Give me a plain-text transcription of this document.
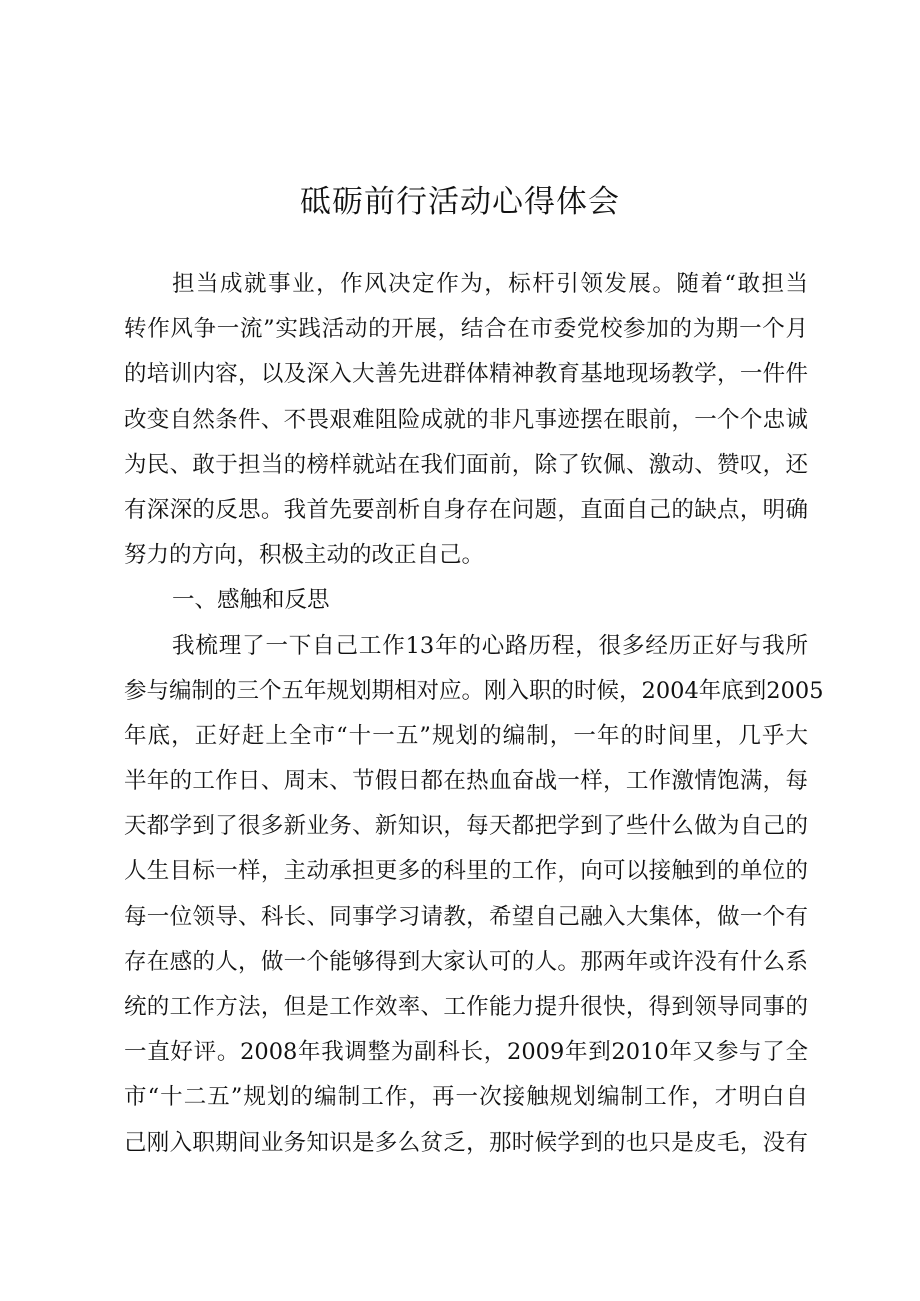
砥砺前行活动心得体会
担当成就事业，作风决定作为，标杆引领发展。随着“敢担当
转作风争一流”实践活动的开展，结合在市委党校参加的为期一个月
的培训内容，以及深入大善先进群体精神教育基地现场教学，一件件
改变自然条件、不畏艰难阻险成就的非凡事迹摆在眼前，一个个忠诚
为民、敢于担当的榜样就站在我们面前，除了钦佩、激动、赞叹，还
有深深的反思。我首先要剖析自身存在问题，直面自己的缺点，明确
努力的方向，积极主动的改正自己。
一、感触和反思
我梳理了一下自己工作13年的心路历程，很多经历正好与我所
参与编制的三个五年规划期相对应。刚入职的时候，2004年底到2005
年底，正好赶上全市“十一五”规划的编制，一年的时间里，几乎大
半年的工作日、周末、节假日都在热血奋战一样，工作激情饱满，每
天都学到了很多新业务、新知识，每天都把学到了些什么做为自己的
人生目标一样，主动承担更多的科里的工作，向可以接触到的单位的
每一位领导、科长、同事学习请教，希望自己融入大集体，做一个有
存在感的人，做一个能够得到大家认可的人。那两年或许没有什么系
统的工作方法，但是工作效率、工作能力提升很快，得到领导同事的
一直好评。2008年我调整为副科长，2009年到2010年又参与了全
市“十二五”规划的编制工作，再一次接触规划编制工作，才明白自
己刚入职期间业务知识是多么贫乏，那时候学到的也只是皮毛，没有
